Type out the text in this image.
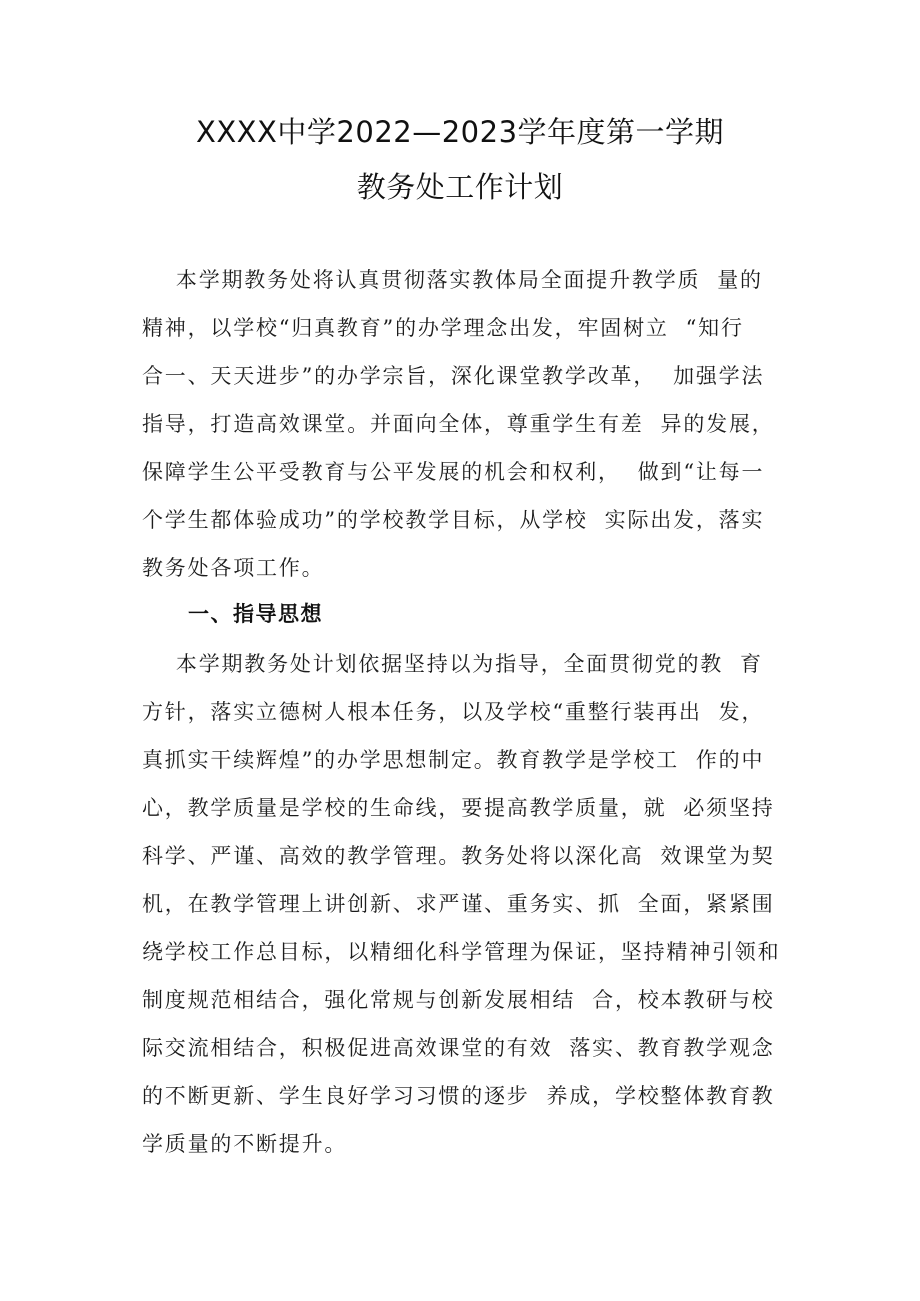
XXXX中学2022—2023学年度第一学期
教务处工作计划
本学期教务处将认真贯彻落实教体局全面提升教学质  量的
精神，以学校“归真教育”的办学理念出发，牢固树立  “知行
合一、天天进步”的办学宗旨，深化课堂教学改革，  加强学法
指导，打造高效课堂。并面向全体，尊重学生有差  异的发展，
保障学生公平受教育与公平发展的机会和权利，  做到“让每一
个学生都体验成功”的学校教学目标，从学校  实际出发，落实
教务处各项工作。
一、指导思想
本学期教务处计划依据坚持以为指导，全面贯彻党的教  育
方针，落实立德树人根本任务，以及学校“重整行装再出  发，
真抓实干续辉煌”的办学思想制定。教育教学是学校工  作的中
心，教学质量是学校的生命线，要提高教学质量，就  必须坚持
科学、严谨、高效的教学管理。教务处将以深化高  效课堂为契
机，在教学管理上讲创新、求严谨、重务实、抓  全面，紧紧围
绕学校工作总目标，以精细化科学管理为保证，坚持精神引领和
制度规范相结合，强化常规与创新发展相结  合，校本教研与校
际交流相结合，积极促进高效课堂的有效  落实、教育教学观念
的不断更新、学生良好学习习惯的逐步  养成，学校整体教育教
学质量的不断提升。
